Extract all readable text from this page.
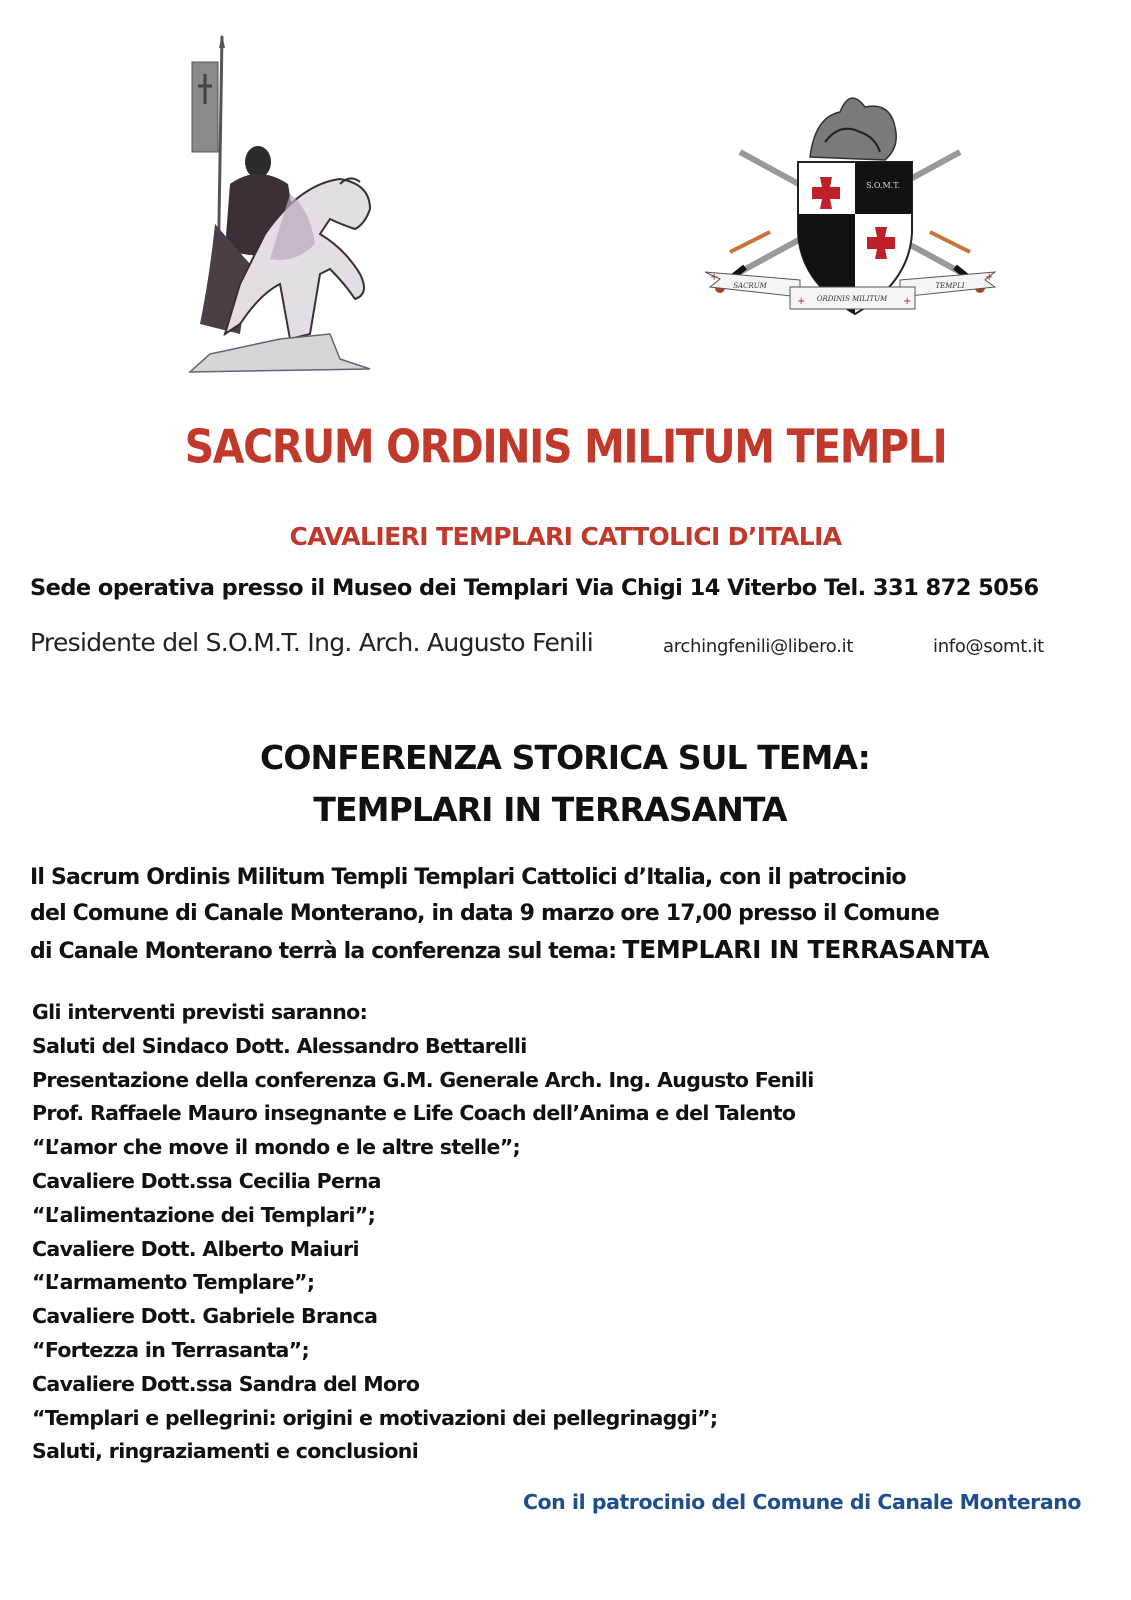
S.O.M.T.
SACRUM
ORDINIS MILITUM
TEMPLI
+
+	+
+
SACRUM ORDINIS MILITUM TEMPLI
CAVALIERI TEMPLARI CATTOLICI D’ITALIA
Sede operativa presso il Museo dei Templari Via Chigi 14 Viterbo Tel. 331 872 5056
Presidente del S.O.M.T. Ing. Arch. Augusto Fenili	archingfenili@libero.it	info@somt.it
CONFERENZA STORICA SUL TEMA:
TEMPLARI IN TERRASANTA
Il Sacrum Ordinis Militum Templi Templari Cattolici d’Italia, con il patrocinio
del Comune di Canale Monterano, in data 9 marzo ore 17,00 presso il Comune
di Canale Monterano terrà la conferenza sul tema: TEMPLARI IN TERRASANTA
Gli interventi previsti saranno:
Saluti del Sindaco Dott. Alessandro Bettarelli
Presentazione della conferenza G.M. Generale Arch. Ing. Augusto Fenili
Prof. Raffaele Mauro insegnante e Life Coach dell’Anima e del Talento
“L’amor che move il mondo e le altre stelle”;
Cavaliere Dott.ssa Cecilia Perna
“L’alimentazione dei Templari”;
Cavaliere Dott. Alberto Maiuri
“L’armamento Templare”;
Cavaliere Dott. Gabriele Branca
“Fortezza in Terrasanta”;
Cavaliere Dott.ssa Sandra del Moro
“Templari e pellegrini: origini e motivazioni dei pellegrinaggi”;
Saluti, ringraziamenti e conclusioni
Con il patrocinio del Comune di Canale Monterano
